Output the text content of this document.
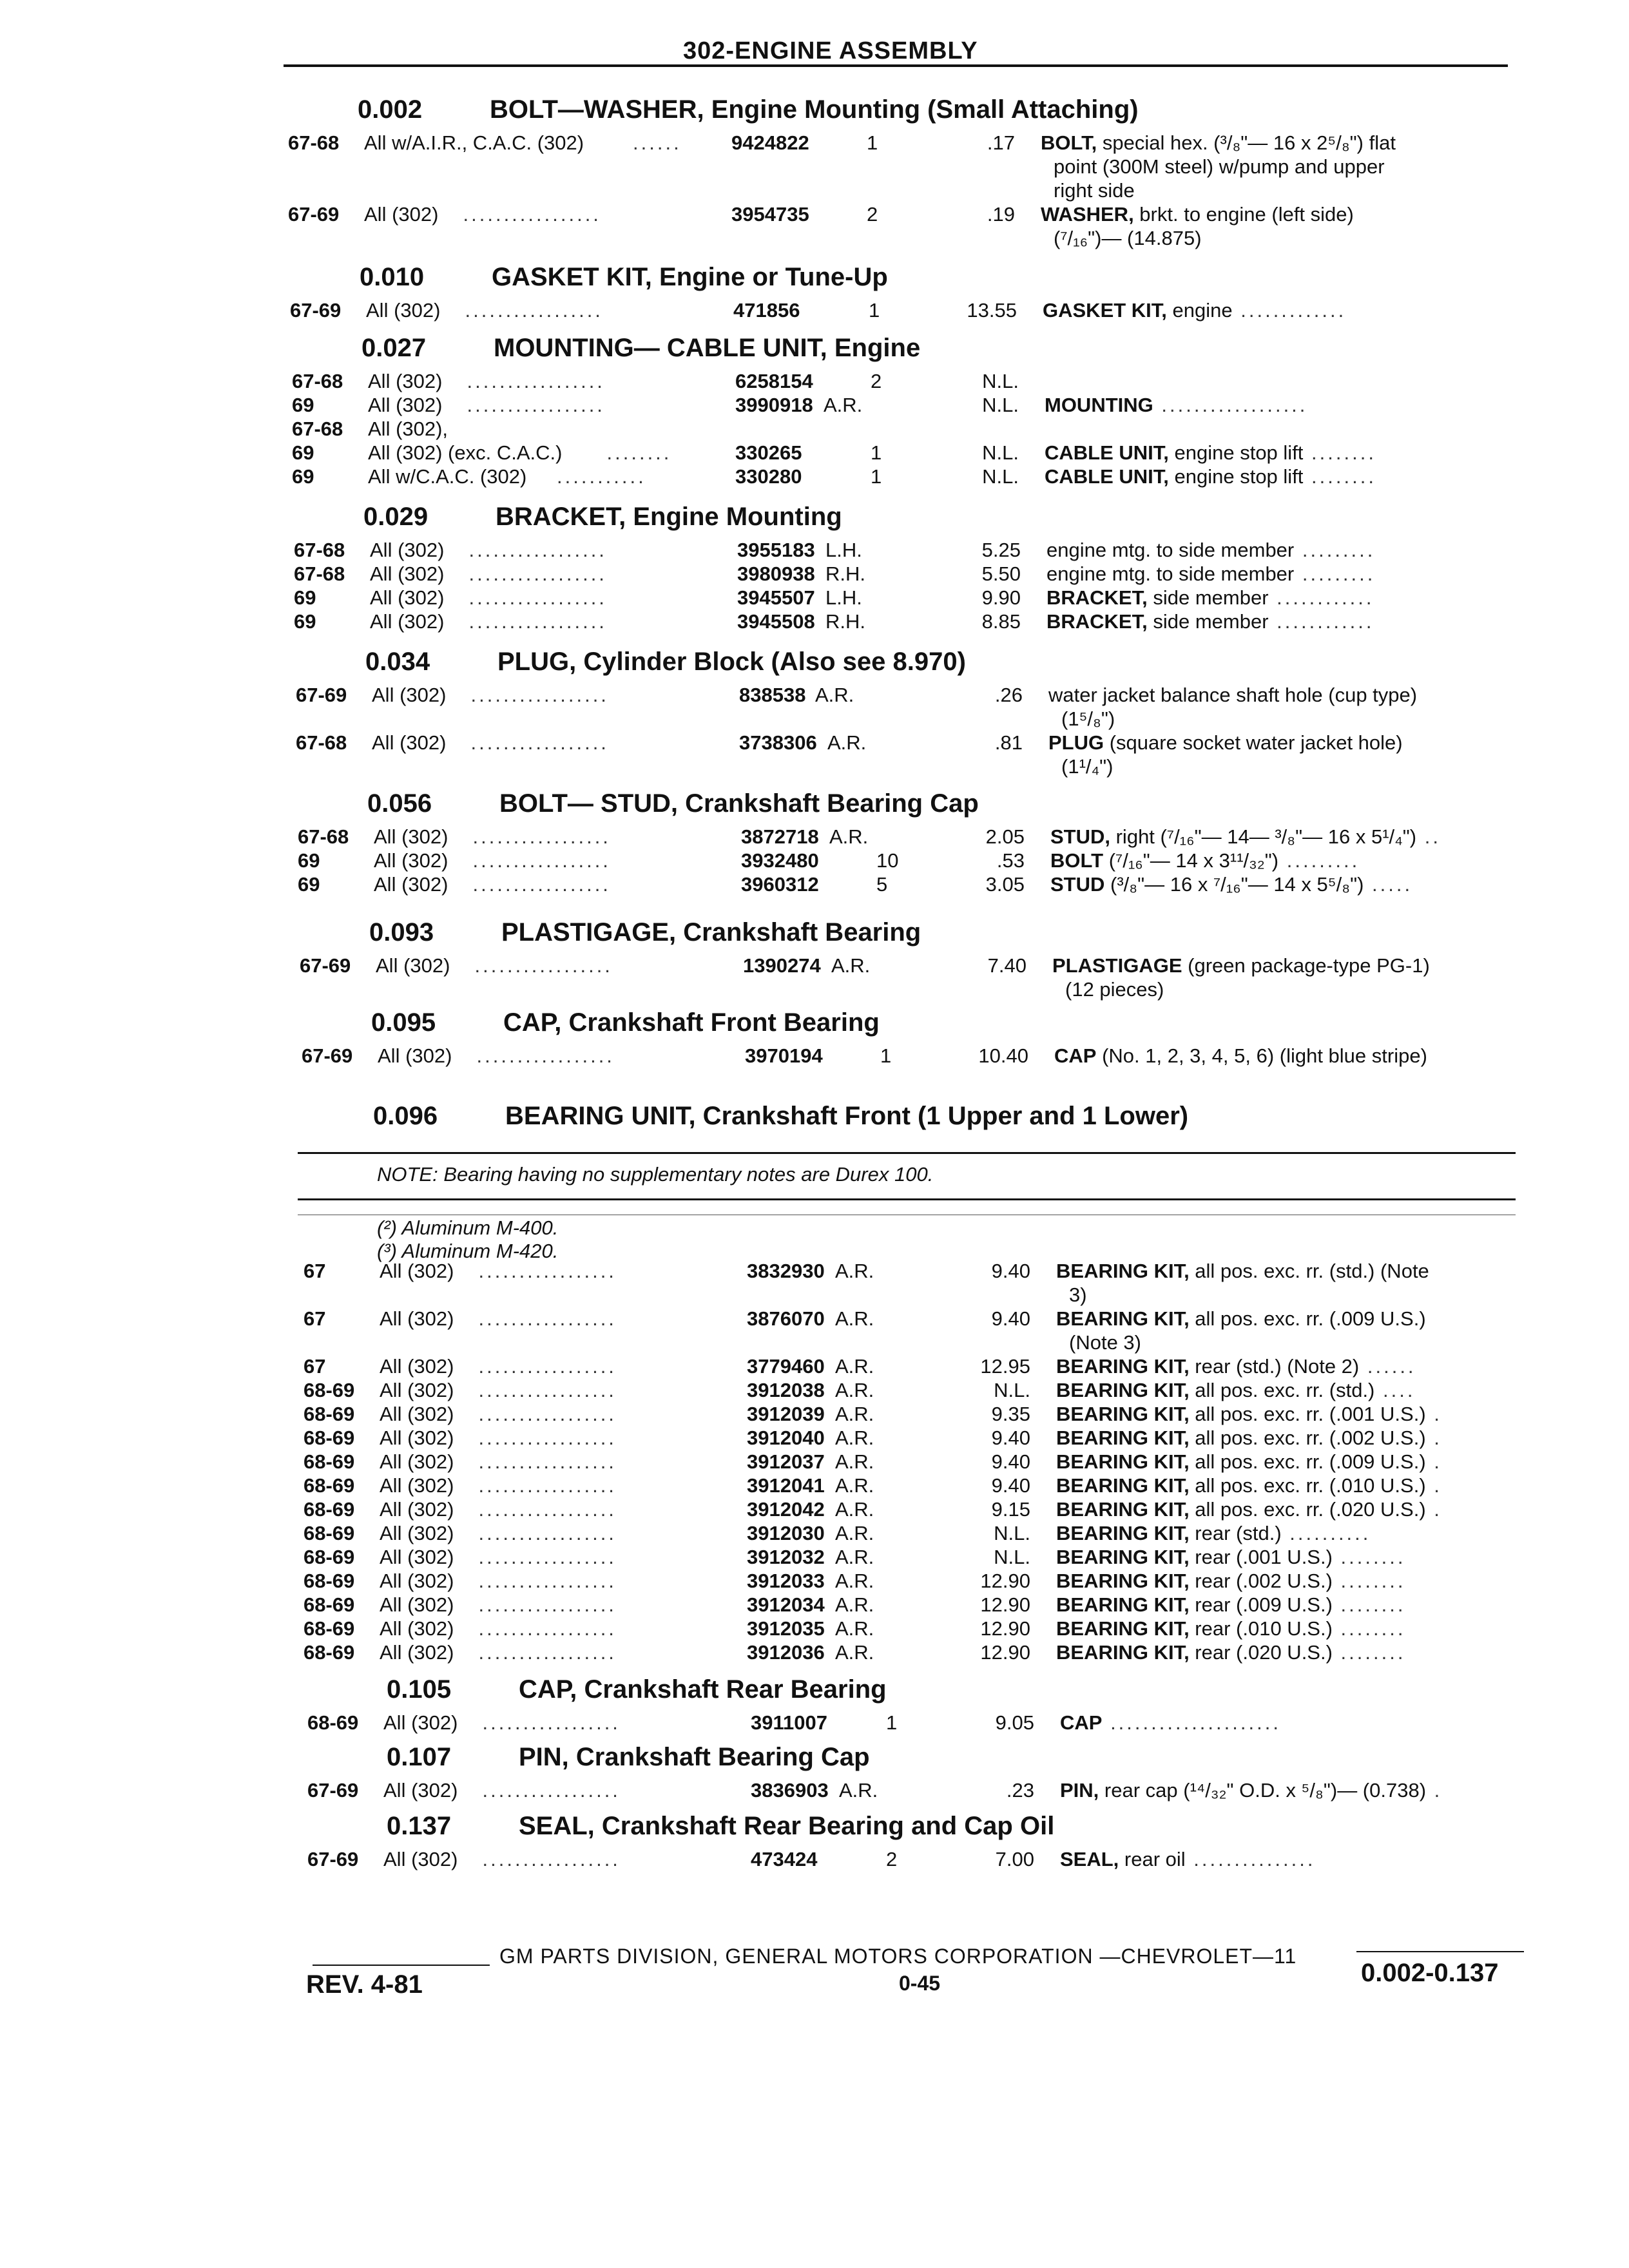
302-ENGINE ASSEMBLY
0.002	BOLT—WASHER, Engine Mounting (Small Attaching)
67-68 All w/A.I.R., C.A.C. (302) ...... 9424822	1	.17 BOLT, special hex. (³/₈"— 16 x 2⁵/₈") flat
point (300M steel) w/pump and upper
right side
67-69 All (302) .................	3954735	2	.19 WASHER, brkt. to engine (left side)
(⁷/₁₆")— (14.875)
0.010	GASKET KIT, Engine or Tune-Up
67-69 All (302) .................	471856	1	13.55 GASKET KIT, engine .............
0.027	MOUNTING— CABLE UNIT, Engine
67-68 All (302) .................	6258154	2	N.L.
69	All (302) .................	3990918 A.R.	N.L. MOUNTING ..................
67-68 All (302),
69	All (302) (exc. C.A.C.) ........	330265	1	N.L. CABLE UNIT, engine stop lift ........
69	All w/C.A.C. (302) ...........	330280	1	N.L. CABLE UNIT, engine stop lift ........
0.029	BRACKET, Engine Mounting
67-68 All (302) .................	3955183 L.H.	5.25 engine mtg. to side member .........
67-68 All (302) .................	3980938 R.H.	5.50 engine mtg. to side member .........
69	All (302) .................	3945507 L.H.	9.90 BRACKET, side member ............
69	All (302) .................	3945508 R.H.	8.85 BRACKET, side member ............
0.034	PLUG, Cylinder Block (Also see 8.970)
67-69 All (302) .................	838538 A.R.	.26 water jacket balance shaft hole (cup type)
(1⁵/₈")
67-68 All (302) .................	3738306 A.R.	.81 PLUG (square socket water jacket hole)
(1¹/₄")
0.056	BOLT— STUD, Crankshaft Bearing Cap
67-68 All (302) .................	3872718 A.R.	2.05 STUD, right (⁷/₁₆"— 14— ³/₈"— 16 x 5¹/₄") ..
69	All (302) .................	3932480	10	.53 BOLT (⁷/₁₆"— 14 x 3¹¹/₃₂") .........
69	All (302) .................	3960312	5	3.05 STUD (³/₈"— 16 x ⁷/₁₆"— 14 x 5⁵/₈") .....
0.093	PLASTIGAGE, Crankshaft Bearing
67-69 All (302) .................	1390274 A.R.	7.40 PLASTIGAGE (green package-type PG-1)
(12 pieces)
0.095	CAP, Crankshaft Front Bearing
67-69 All (302) .................	3970194	1	10.40 CAP (No. 1, 2, 3, 4, 5, 6) (light blue stripe)
0.096	BEARING UNIT, Crankshaft Front (1 Upper and 1 Lower)
(²) Aluminum M-400.
(³) Aluminum M-420.
67	All (302) .................	3832930 A.R.	9.40 BEARING KIT, all pos. exc. rr. (std.) (Note
3)
67	All (302) .................	3876070 A.R.	9.40 BEARING KIT, all pos. exc. rr. (.009 U.S.)
(Note 3)
67	All (302) .................	3779460 A.R.	12.95 BEARING KIT, rear (std.) (Note 2) ......
68-69 All (302) .................	3912038 A.R.	N.L. BEARING KIT, all pos. exc. rr. (std.) ....
68-69 All (302) .................	3912039 A.R.	9.35 BEARING KIT, all pos. exc. rr. (.001 U.S.) .
68-69 All (302) .................	3912040 A.R.	9.40 BEARING KIT, all pos. exc. rr. (.002 U.S.) .
68-69 All (302) .................	3912037 A.R.	9.40 BEARING KIT, all pos. exc. rr. (.009 U.S.) .
68-69 All (302) .................	3912041 A.R.	9.40 BEARING KIT, all pos. exc. rr. (.010 U.S.) .
68-69 All (302) .................	3912042 A.R.	9.15 BEARING KIT, all pos. exc. rr. (.020 U.S.) .
68-69 All (302) .................	3912030 A.R.	N.L. BEARING KIT, rear (std.) ..........
68-69 All (302) .................	3912032 A.R.	N.L. BEARING KIT, rear (.001 U.S.) ........
68-69 All (302) .................	3912033 A.R.	12.90 BEARING KIT, rear (.002 U.S.) ........
68-69 All (302) .................	3912034 A.R.	12.90 BEARING KIT, rear (.009 U.S.) ........
68-69 All (302) .................	3912035 A.R.	12.90 BEARING KIT, rear (.010 U.S.) ........
68-69 All (302) .................	3912036 A.R.	12.90 BEARING KIT, rear (.020 U.S.) ........
0.105	CAP, Crankshaft Rear Bearing
68-69 All (302) .................	3911007	1	9.05 CAP .....................
0.107	PIN, Crankshaft Bearing Cap
67-69 All (302) .................	3836903 A.R.	.23 PIN, rear cap (¹⁴/₃₂" O.D. x ⁵/₈")— (0.738) .
0.137	SEAL, Crankshaft Rear Bearing and Cap Oil
67-69 All (302) .................	473424	2	7.00 SEAL, rear oil ...............
NOTE: Bearing having no supplementary notes are Durex 100.
GM PARTS DIVISION, GENERAL MOTORS CORPORATION —CHEVROLET—11
REV. 4-81	0-45	0.002-0.137
